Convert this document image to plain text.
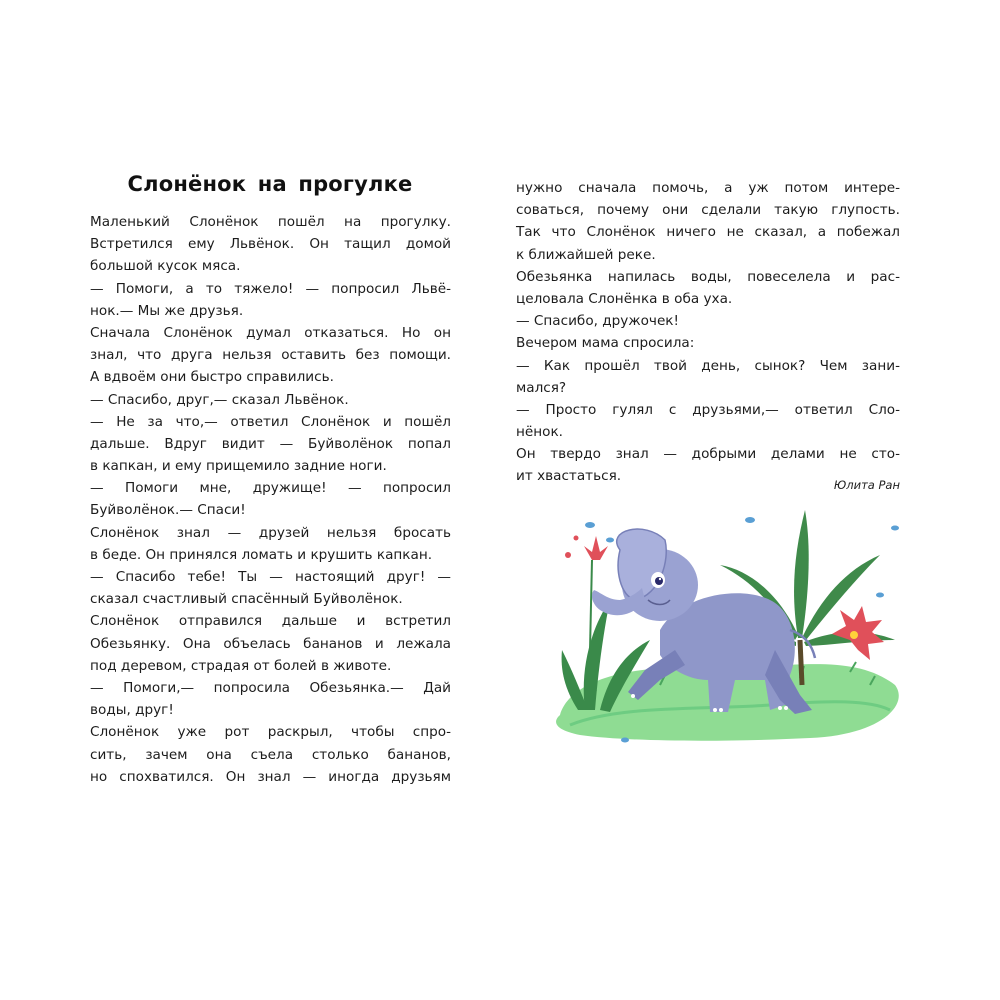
Слонёнок на прогулке
Маленький Слонёнок пошёл на прогулку.
Встретился ему Львёнок. Он тащил домой
большой кусок мяса.
— Помоги, а то тяжело! — попросил Львё-
нок.— Мы же друзья.
Сначала Слонёнок думал отказаться. Но он
знал, что друга нельзя оставить без помощи.
А вдвоём они быстро справились.
— Спасибо, друг,— сказал Львёнок.
— Не за что,— ответил Слонёнок и пошёл
дальше. Вдруг видит — Буйволёнок попал
в капкан, и ему прищемило задние ноги.
— Помоги мне, дружище! — попросил
Буйволёнок.— Спаси!
Слонёнок знал — друзей нельзя бросать
в беде. Он принялся ломать и крушить капкан.
— Спасибо тебе! Ты — настоящий друг! —
сказал счастливый спасённый Буйволёнок.
Слонёнок отправился дальше и встретил
Обезьянку. Она объелась бананов и лежала
под деревом, страдая от болей в животе.
— Помоги,— попросила Обезьянка.— Дай
воды, друг!
Слонёнок уже рот раскрыл, чтобы спро-
сить, зачем она съела столько бананов,
но спохватился. Он знал — иногда друзьям
нужно сначала помочь, а уж потом интере-
соваться, почему они сделали такую глупость.
Так что Слонёнок ничего не сказал, а побежал
к ближайшей реке.
Обезьянка напилась воды, повеселела и рас-
целовала Слонёнка в оба уха.
— Спасибо, дружочек!
Вечером мама спросила:
— Как прошёл твой день, сынок? Чем зани-
мался?
— Просто гулял с друзьями,— ответил Сло-
нёнок.
Он твердо знал — добрыми делами не сто-
ит хвастаться.
Юлита Ран
